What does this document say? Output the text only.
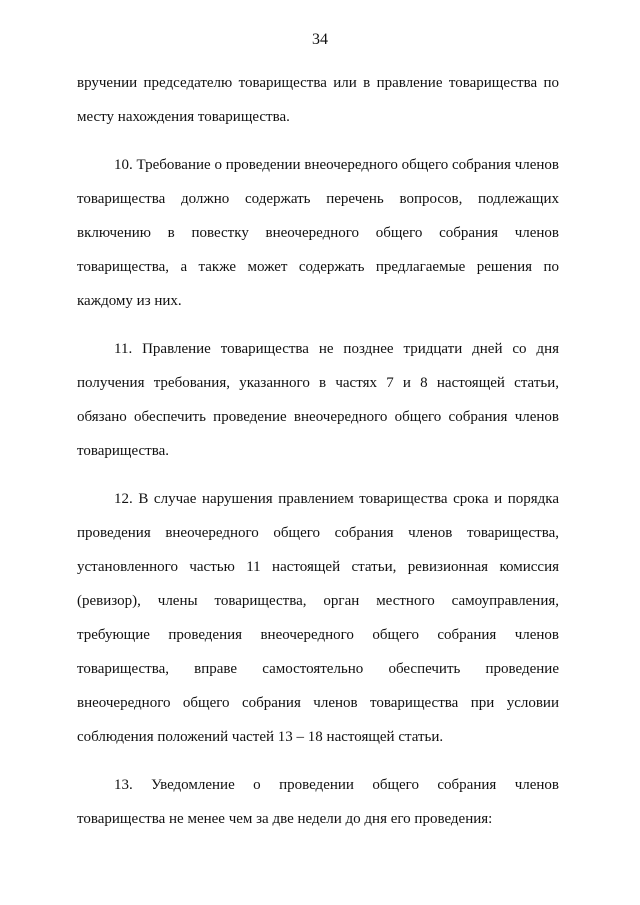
34
вручении председателю товарищества или в правление товарищества по
месту нахождения товарищества.
10. Требование о проведении внеочередного общего собрания членов
товарищества должно содержать перечень вопросов, подлежащих
включению в повестку внеочередного общего собрания членов
товарищества, а также может содержать предлагаемые решения по
каждому из них.
11. Правление товарищества не позднее тридцати дней со дня
получения требования, указанного в частях 7 и 8 настоящей статьи,
обязано обеспечить проведение внеочередного общего собрания членов
товарищества.
12. В случае нарушения правлением товарищества срока и порядка
проведения внеочередного общего собрания членов товарищества,
установленного частью 11 настоящей статьи, ревизионная комиссия
(ревизор), члены товарищества, орган местного самоуправления,
требующие проведения внеочередного общего собрания членов
товарищества, вправе самостоятельно обеспечить проведение
внеочередного общего собрания членов товарищества при условии
соблюдения положений частей 13 – 18 настоящей статьи.
13. Уведомление о проведении общего собрания членов
товарищества не менее чем за две недели до дня его проведения:
